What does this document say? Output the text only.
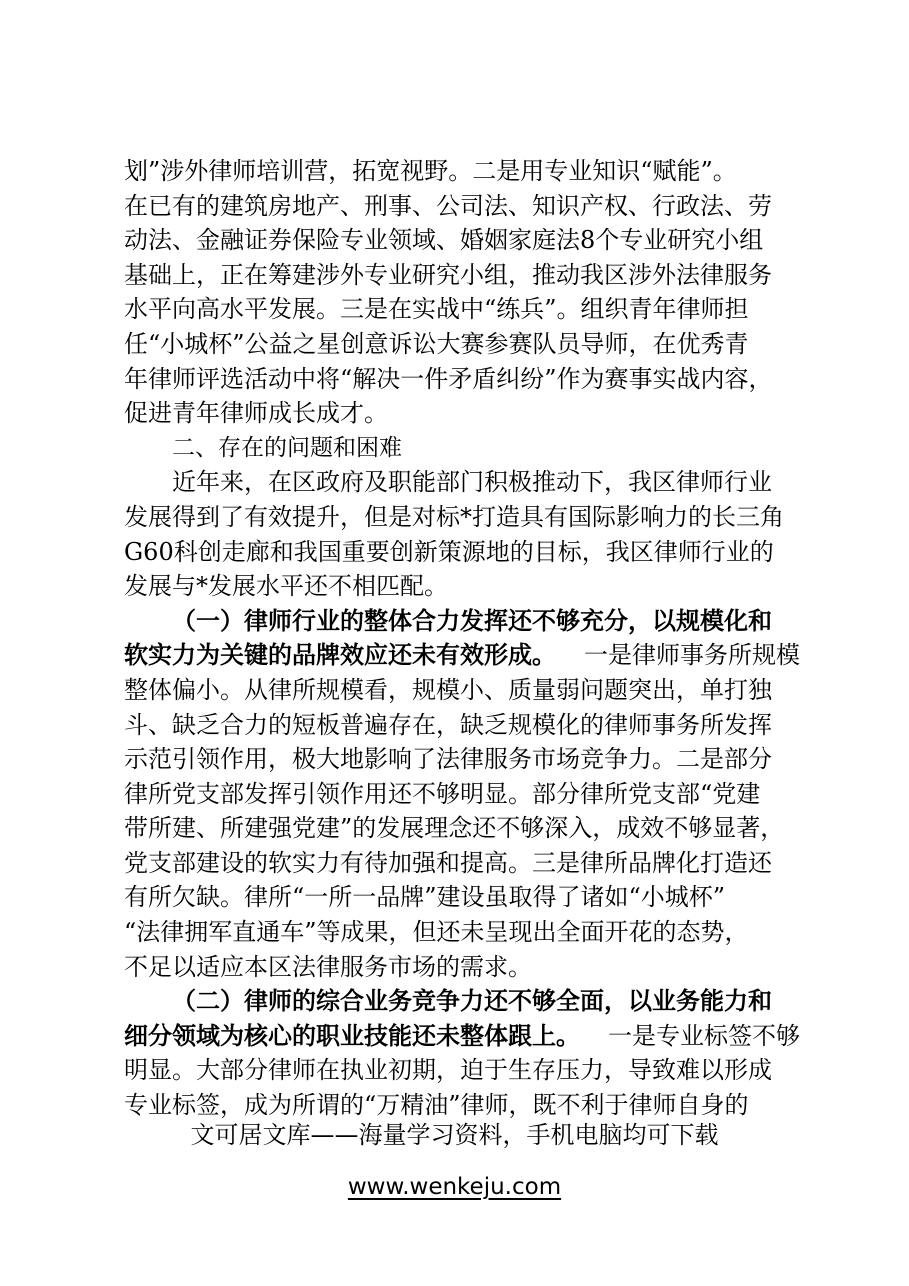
划”涉外律师培训营，拓宽视野。二是用专业知识“赋能”。
在已有的建筑房地产、刑事、公司法、知识产权、行政法、劳
动法、金融证券保险专业领域、婚姻家庭法8个专业研究小组
基础上，正在筹建涉外专业研究小组，推动我区涉外法律服务
水平向高水平发展。三是在实战中“练兵”。组织青年律师担
任“小城杯”公益之星创意诉讼大赛参赛队员导师，在优秀青
年律师评选活动中将“解决一件矛盾纠纷”作为赛事实战内容，
促进青年律师成长成才。
二、存在的问题和困难
近年来，在区政府及职能部门积极推动下，我区律师行业
发展得到了有效提升，但是对标*打造具有国际影响力的长三角
G60科创走廊和我国重要创新策源地的目标，我区律师行业的
发展与*发展水平还不相匹配。
（一）律师行业的整体合力发挥还不够充分，以规模化和
软实力为关键的品牌效应还未有效形成。 一是律师事务所规模
整体偏小。从律所规模看，规模小、质量弱问题突出，单打独
斗、缺乏合力的短板普遍存在，缺乏规模化的律师事务所发挥
示范引领作用，极大地影响了法律服务市场竞争力。二是部分
律所党支部发挥引领作用还不够明显。部分律所党支部“党建
带所建、所建强党建”的发展理念还不够深入，成效不够显著，
党支部建设的软实力有待加强和提高。三是律所品牌化打造还
有所欠缺。律所“一所一品牌”建设虽取得了诸如“小城杯”
“法律拥军直通车”等成果，但还未呈现出全面开花的态势，
不足以适应本区法律服务市场的需求。
（二）律师的综合业务竞争力还不够全面，以业务能力和
细分领域为核心的职业技能还未整体跟上。 一是专业标签不够
明显。大部分律师在执业初期，迫于生存压力，导致难以形成
专业标签，成为所谓的“万精油”律师，既不利于律师自身的
文可居文库——海量学习资料，手机电脑均可下载
www.wenkeju.com
